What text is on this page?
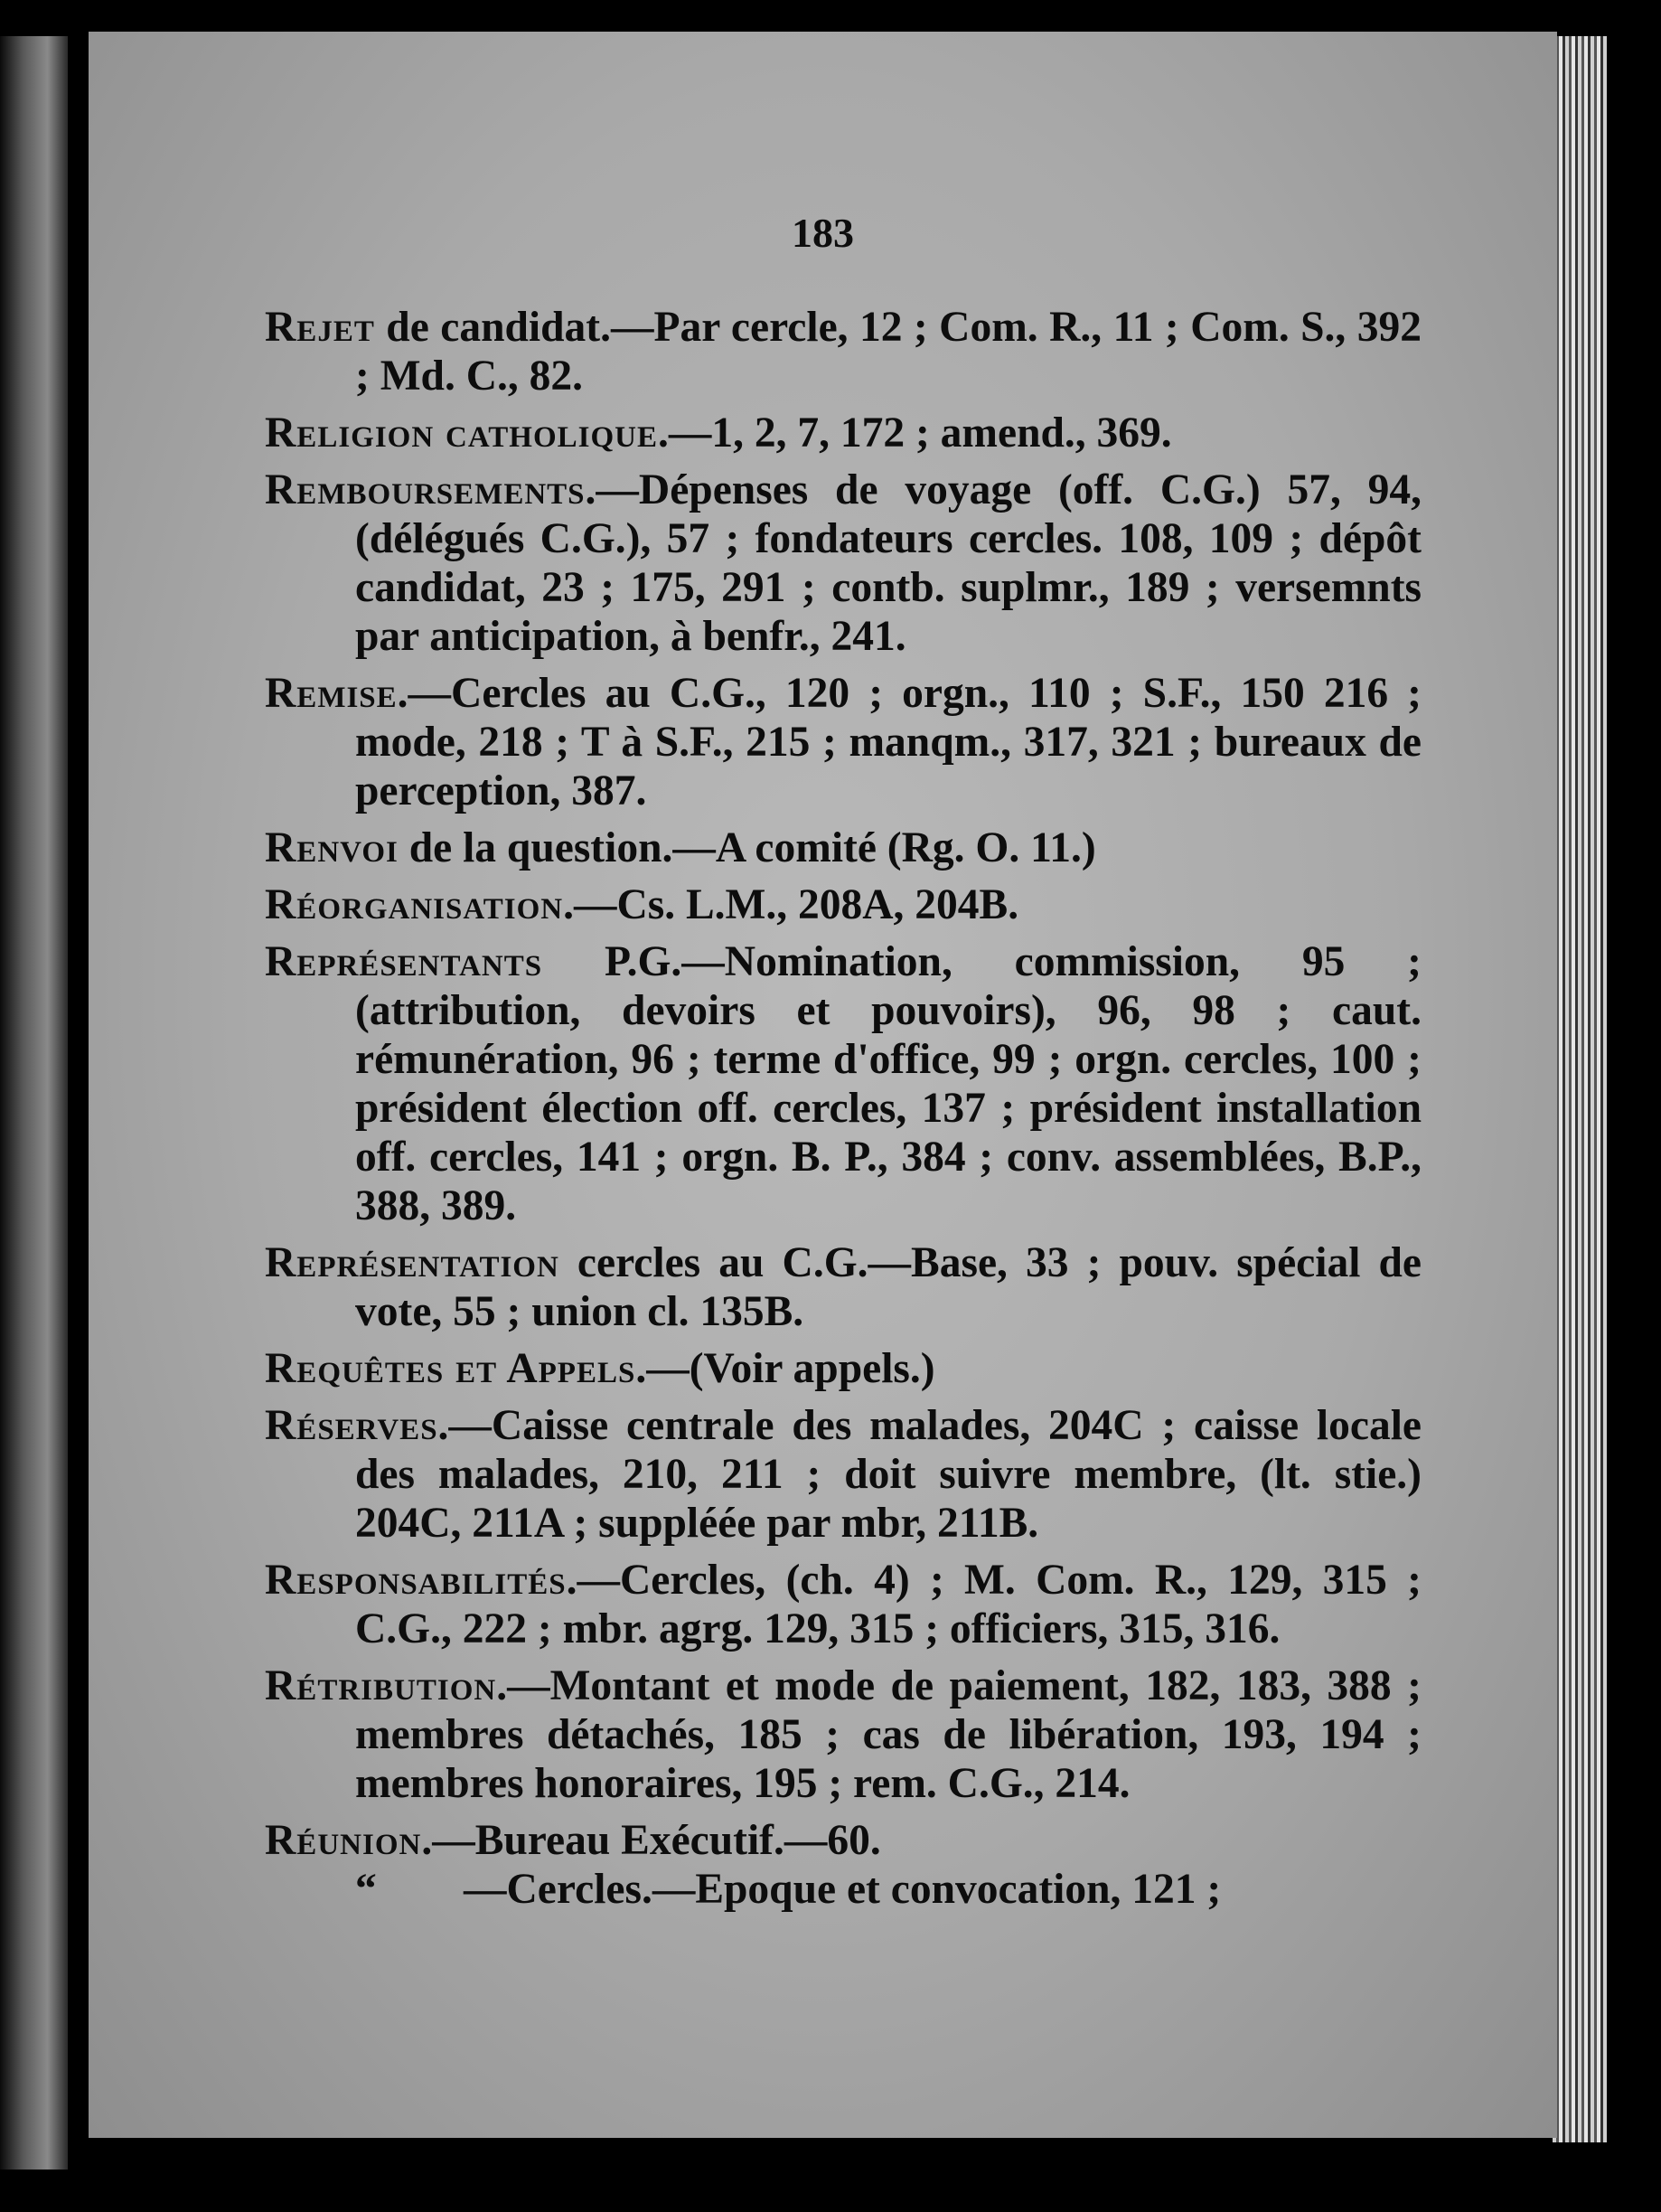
183
Rejet de candidat.—Par cercle, 12 ; Com. R., 11 ; Com. S., 392 ; Md. C., 82.
Religion catholique.—1, 2, 7, 172 ; amend., 369.
Remboursements.—Dépenses de voyage (off. C.G.) 57, 94, (délégués C.G.), 57 ; fondateurs cercles. 108, 109 ; dépôt candidat, 23 ; 175, 291 ; contb. suplmr., 189 ; versemnts par anticipation, à benfr., 241.
Remise.—Cercles au C.G., 120 ; orgn., 110 ; S.F., 150 216 ; mode, 218 ; T à S.F., 215 ; manqm., 317, 321 ; bureaux de perception, 387.
Renvoi de la question.—A comité (Rg. O. 11.)
Réorganisation.—Cs. L.M., 208A, 204B.
Représentants P.G.—Nomination, commission, 95 ; (attribution, devoirs et pouvoirs), 96, 98 ; caut. rémunération, 96 ; terme d'office, 99 ; orgn. cercles, 100 ; président élection off. cercles, 137 ; président installation off. cercles, 141 ; orgn. B. P., 384 ; conv. assemblées, B.P., 388, 389.
Représentation cercles au C.G.—Base, 33 ; pouv. spécial de vote, 55 ; union cl. 135B.
Requêtes et Appels.—(Voir appels.)
Réserves.—Caisse centrale des malades, 204C ; caisse locale des malades, 210, 211 ; doit suivre membre, (lt. stie.) 204C, 211A ; suppléée par mbr, 211B.
Responsabilités.—Cercles, (ch. 4) ; M. Com. R., 129, 315 ; C.G., 222 ; mbr. agrg. 129, 315 ; officiers, 315, 316.
Rétribution.—Montant et mode de paiement, 182, 183, 388 ; membres détachés, 185 ; cas de libération, 193, 194 ; membres honoraires, 195 ; rem. C.G., 214.
Réunion.—Bureau Exécutif.—60.
“ —Cercles.—Epoque et convocation, 121 ;
